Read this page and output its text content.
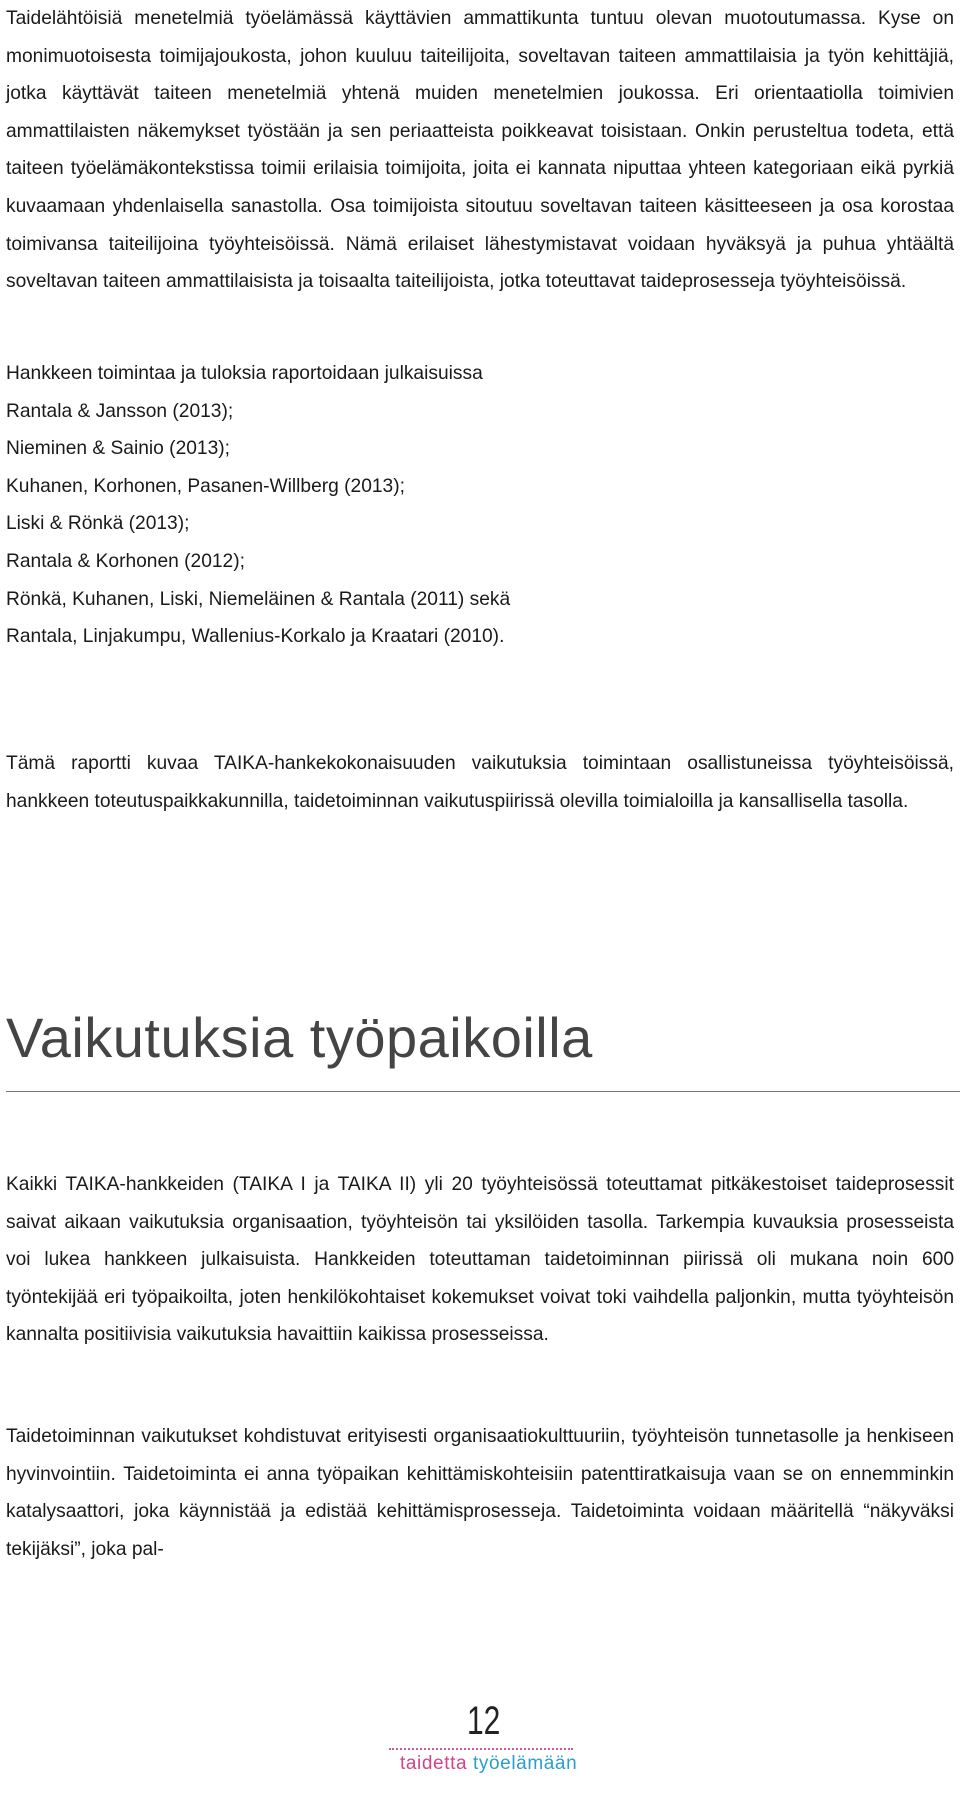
Taidelähtöisiä menetelmiä työelämässä käyttävien ammattikunta tuntuu olevan muotoutumassa. Kyse on monimuotoisesta toimijajoukosta, johon kuuluu taiteilijoita, soveltavan taiteen ammattilaisia ja työn kehittäjiä, jotka käyttävät taiteen menetelmiä yhtenä muiden menetelmien joukossa. Eri orientaatiolla toimivien ammattilaisten näkemykset työstään ja sen periaatteista poikkeavat toisistaan. Onkin perusteltua todeta, että taiteen työelämäkontekstissa toimii erilaisia toimijoita, joita ei kannata niputtaa yhteen kategoriaan eikä pyrkiä kuvaamaan yhdenlaisella sanastolla. Osa toimijoista sitoutuu soveltavan taiteen käsitteeseen ja osa korostaa toimivansa taiteilijoina työyhteisöissä. Nämä erilaiset lähestymistavat voidaan hyväksyä ja puhua yhtäältä soveltavan taiteen ammattilaisista ja toisaalta taiteilijoista, jotka toteuttavat taideprosesseja työyhteisöissä.

Hankkeen toimintaa ja tuloksia raportoidaan julkaisuissa
Rantala & Jansson (2013);
Nieminen & Sainio (2013);
Kuhanen, Korhonen, Pasanen-Willberg (2013);
Liski & Rönkä (2013);
Rantala & Korhonen (2012);
Rönkä, Kuhanen, Liski, Niemeläinen & Rantala (2011) sekä
Rantala, Linjakumpu, Wallenius-Korkalo ja Kraatari (2010).

Tämä raportti kuvaa TAIKA-hankekokonaisuuden vaikutuksia toimintaan osallistuneissa työyhteisöissä, hankkeen toteutuspaikkakunnilla, taidetoiminnan vaikutuspiirissä olevilla toimialoilla ja kansallisella tasolla.

Vaikutuksia työpaikoilla

Kaikki TAIKA-hankkeiden (TAIKA I ja TAIKA II) yli 20 työyhteisössä toteuttamat pitkäkestoiset taideprosessit saivat aikaan vaikutuksia organisaation, työyhteisön tai yksilöiden tasolla. Tarkempia kuvauksia prosesseista voi lukea hankkeen julkaisuista. Hankkeiden toteuttaman taidetoiminnan piirissä oli mukana noin 600 työntekijää eri työpaikoilta, joten henkilökohtaiset kokemukset voivat toki vaihdella paljonkin, mutta työyhteisön kannalta positiivisia vaikutuksia havaittiin kaikissa prosesseissa.

Taidetoiminnan vaikutukset kohdistuvat erityisesti organisaatiokulttuuriin, työyhteisön tunnetasolle ja henkiseen hyvinvointiin. Taidetoiminta ei anna työpaikan kehittämiskohteisiin patenttiratkaisuja vaan se on ennemminkin katalysaattori, joka käynnistää ja edistää kehittämisprosesseja. Taidetoiminta voidaan määritellä “näkyväksi tekijäksi”, joka pal-

12
taidetta työelämään
